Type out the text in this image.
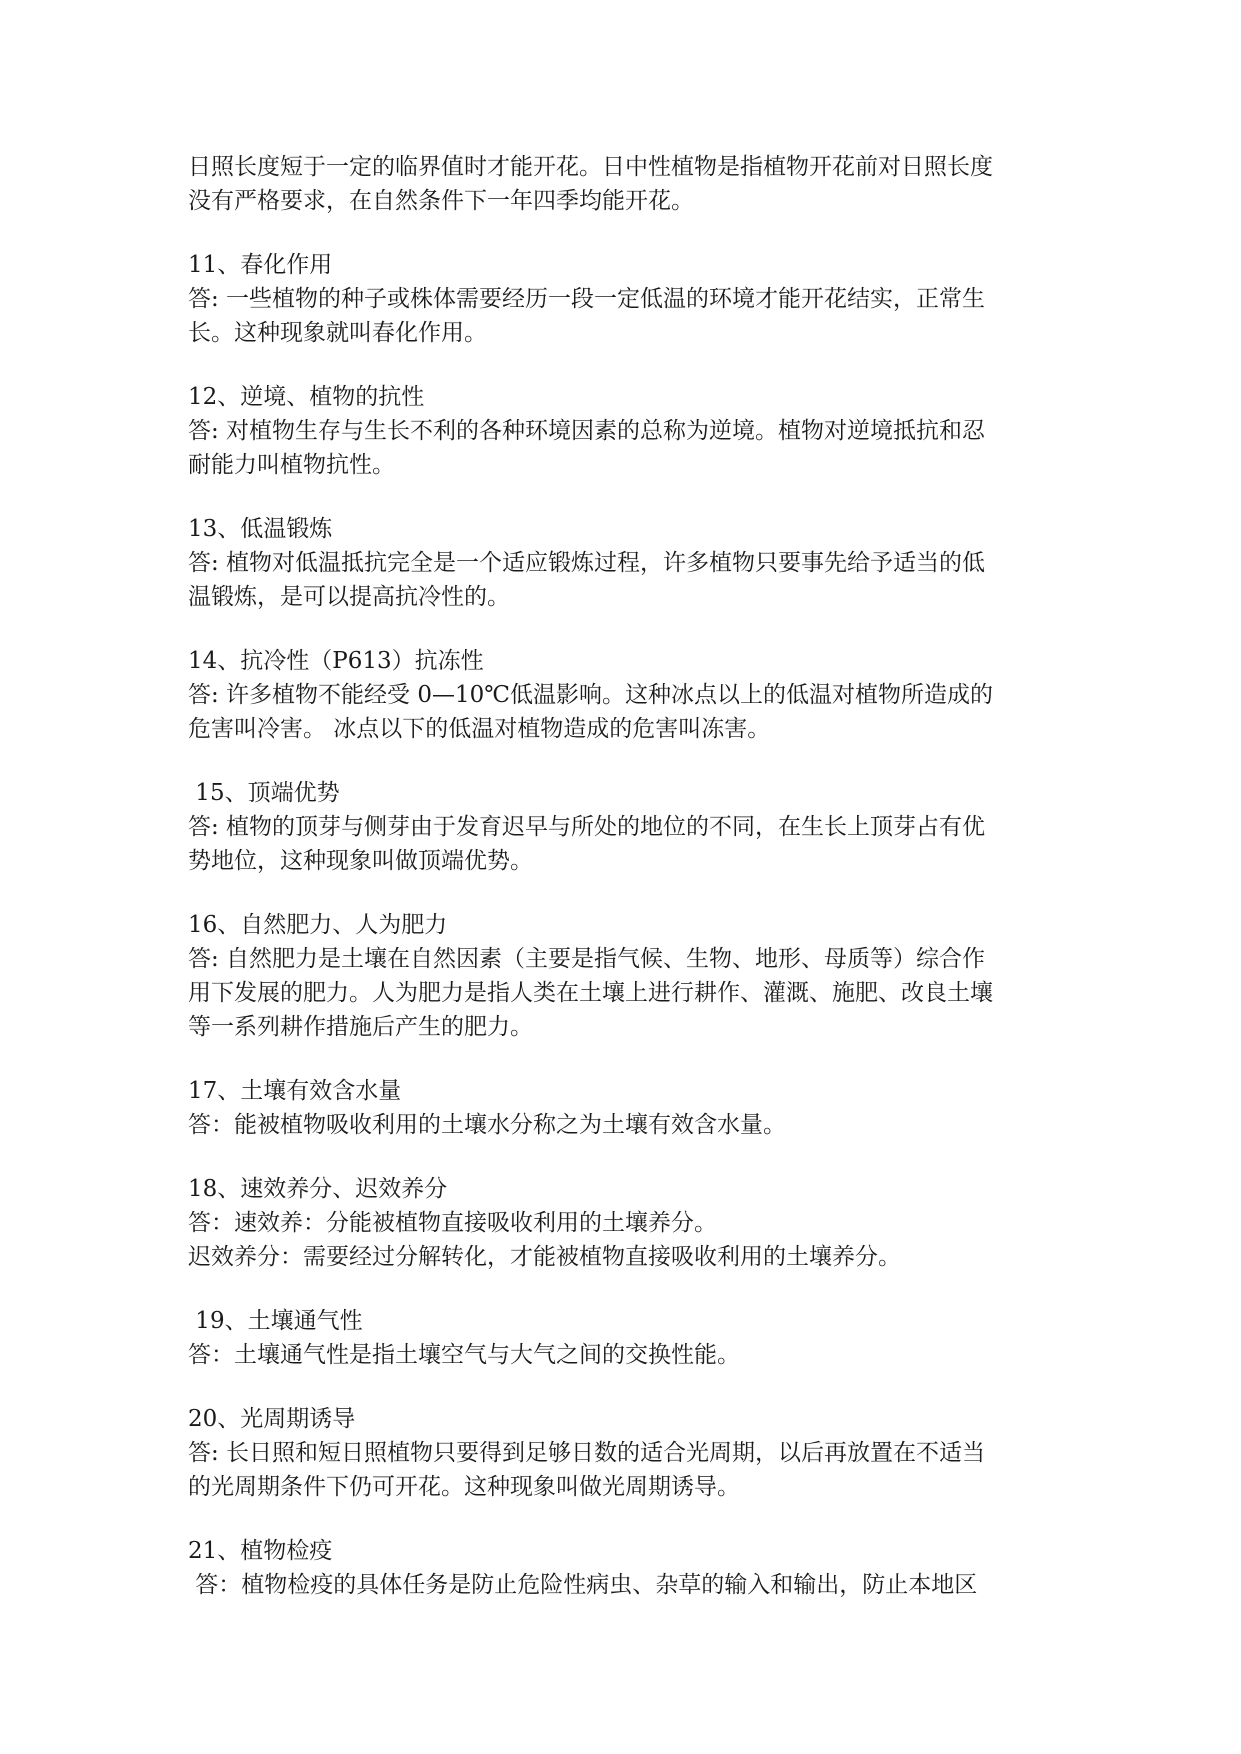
日照长度短于一定的临界值时才能开花。日中性植物是指植物开花前对日照长度
没有严格要求，在自然条件下一年四季均能开花。
11、春化作用
答: 一些植物的种子或株体需要经历一段一定低温的环境才能开花结实，正常生
长。这种现象就叫春化作用。
12、逆境、植物的抗性
答: 对植物生存与生长不利的各种环境因素的总称为逆境。植物对逆境抵抗和忍
耐能力叫植物抗性。
13、低温锻炼
答: 植物对低温抵抗完全是一个适应锻炼过程，许多植物只要事先给予适当的低
温锻炼，是可以提高抗冷性的。
14、抗冷性（P613）抗冻性
答: 许多植物不能经受 0—10℃低温影响。这种冰点以上的低温对植物所造成的
危害叫冷害。 冰点以下的低温对植物造成的危害叫冻害。
15、顶端优势
答: 植物的顶芽与侧芽由于发育迟早与所处的地位的不同，在生长上顶芽占有优
势地位，这种现象叫做顶端优势。
16、自然肥力、人为肥力
答: 自然肥力是土壤在自然因素（主要是指气候、生物、地形、母质等）综合作
用下发展的肥力。人为肥力是指人类在土壤上进行耕作、灌溉、施肥、改良土壤
等一系列耕作措施后产生的肥力。
17、土壤有效含水量
答：能被植物吸收利用的土壤水分称之为土壤有效含水量。
18、速效养分、迟效养分
答：速效养：分能被植物直接吸收利用的土壤养分。
迟效养分：需要经过分解转化，才能被植物直接吸收利用的土壤养分。
19、土壤通气性
答：土壤通气性是指土壤空气与大气之间的交换性能。
20、光周期诱导
答: 长日照和短日照植物只要得到足够日数的适合光周期，以后再放置在不适当
的光周期条件下仍可开花。这种现象叫做光周期诱导。
21、植物检疫
答：植物检疫的具体任务是防止危险性病虫、杂草的输入和输出，防止本地区
